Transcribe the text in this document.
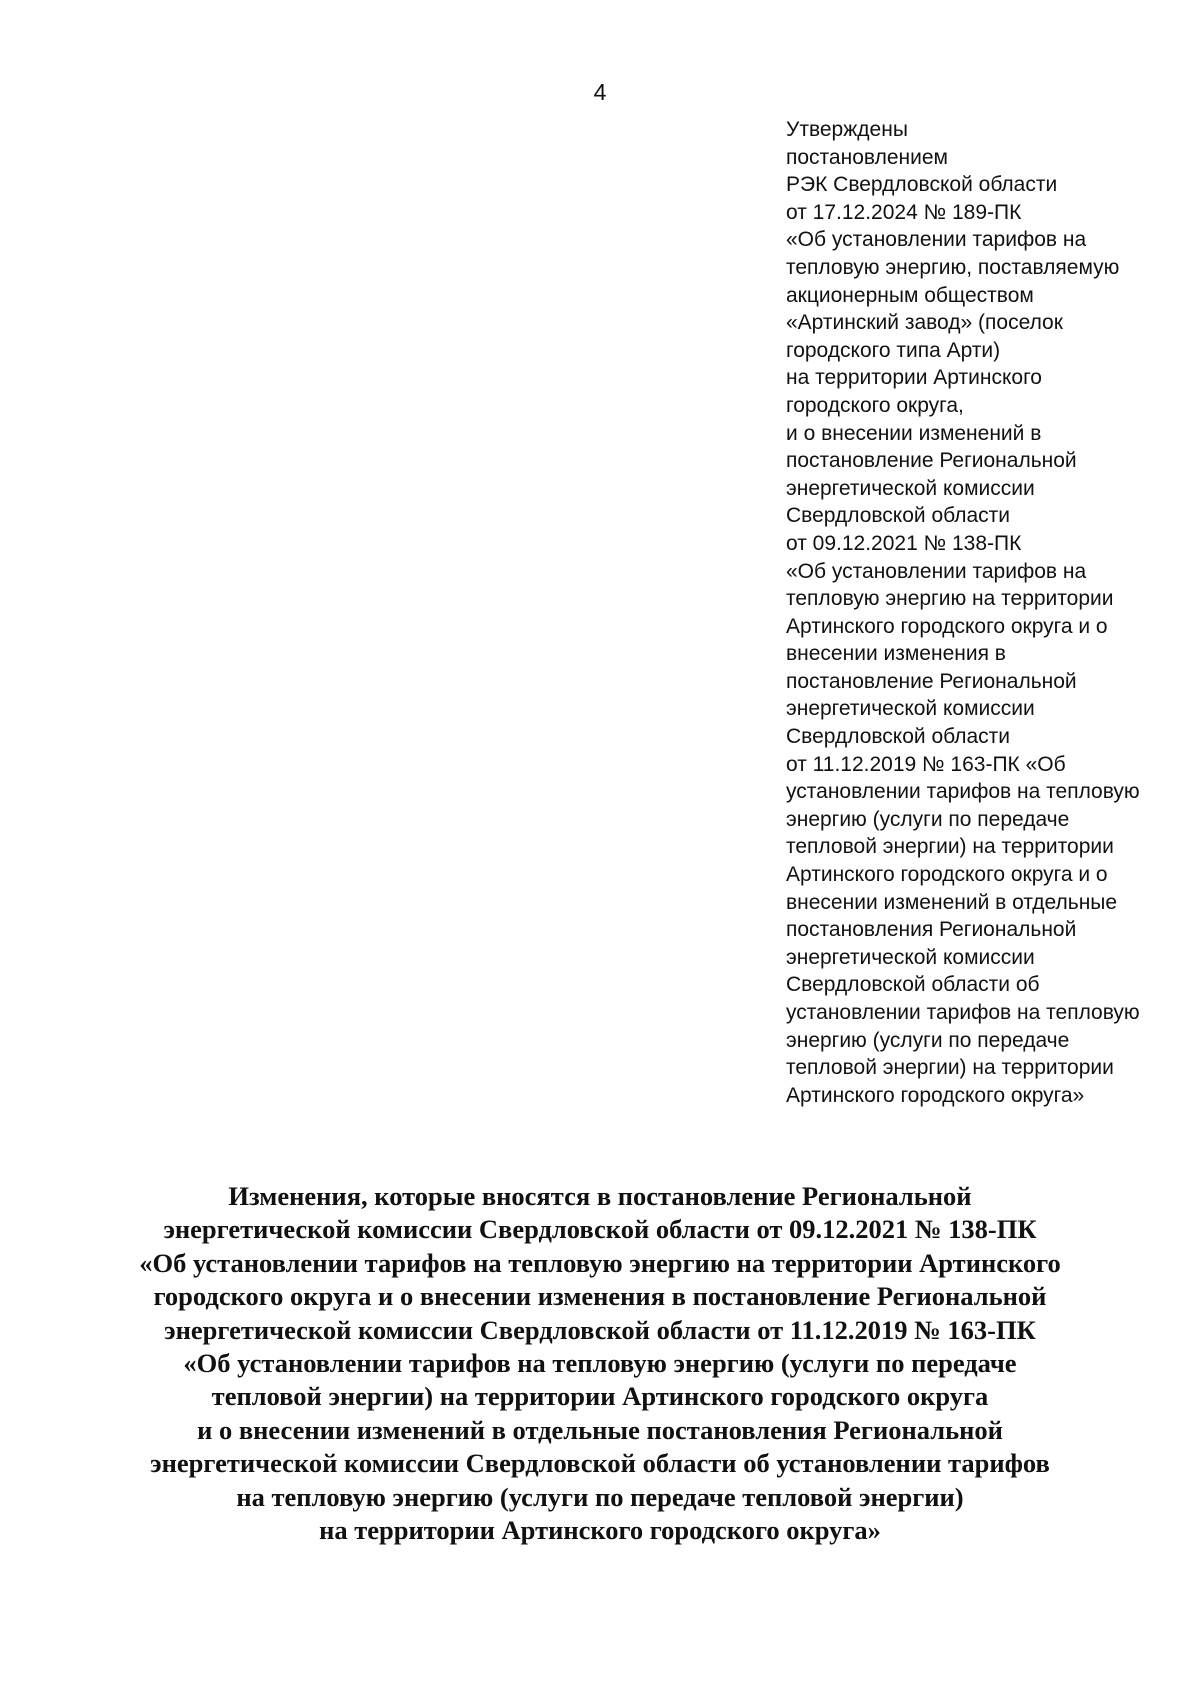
4
Утверждены
постановлением
РЭК Свердловской области
от 17.12.2024 № 189-ПК
«Об установлении тарифов на
тепловую энергию, поставляемую
акционерным обществом
«Артинский завод» (поселок
городского типа Арти)
на территории Артинского
городского округа,
и о внесении изменений в
постановление Региональной
энергетической комиссии
Свердловской области
от 09.12.2021 № 138-ПК
«Об установлении тарифов на
тепловую энергию на территории
Артинского городского округа и о
внесении изменения в
постановление Региональной
энергетической комиссии
Свердловской области
от 11.12.2019 № 163-ПК «Об
установлении тарифов на тепловую
энергию (услуги по передаче
тепловой энергии) на территории
Артинского городского округа и о
внесении изменений в отдельные
постановления Региональной
энергетической комиссии
Свердловской области об
установлении тарифов на тепловую
энергию (услуги по передаче
тепловой энергии) на территории
Артинского городского округа»
Изменения, которые вносятся в постановление Региональной
энергетической комиссии Свердловской области от 09.12.2021 № 138-ПК
«Об установлении тарифов на тепловую энергию на территории Артинского
городского округа и о внесении изменения в постановление Региональной
энергетической комиссии Свердловской области от 11.12.2019 № 163-ПК
«Об установлении тарифов на тепловую энергию (услуги по передаче
тепловой энергии) на территории Артинского городского округа
и о внесении изменений в отдельные постановления Региональной
энергетической комиссии Свердловской области об установлении тарифов
на тепловую энергию (услуги по передаче тепловой энергии)
на территории Артинского городского округа»
